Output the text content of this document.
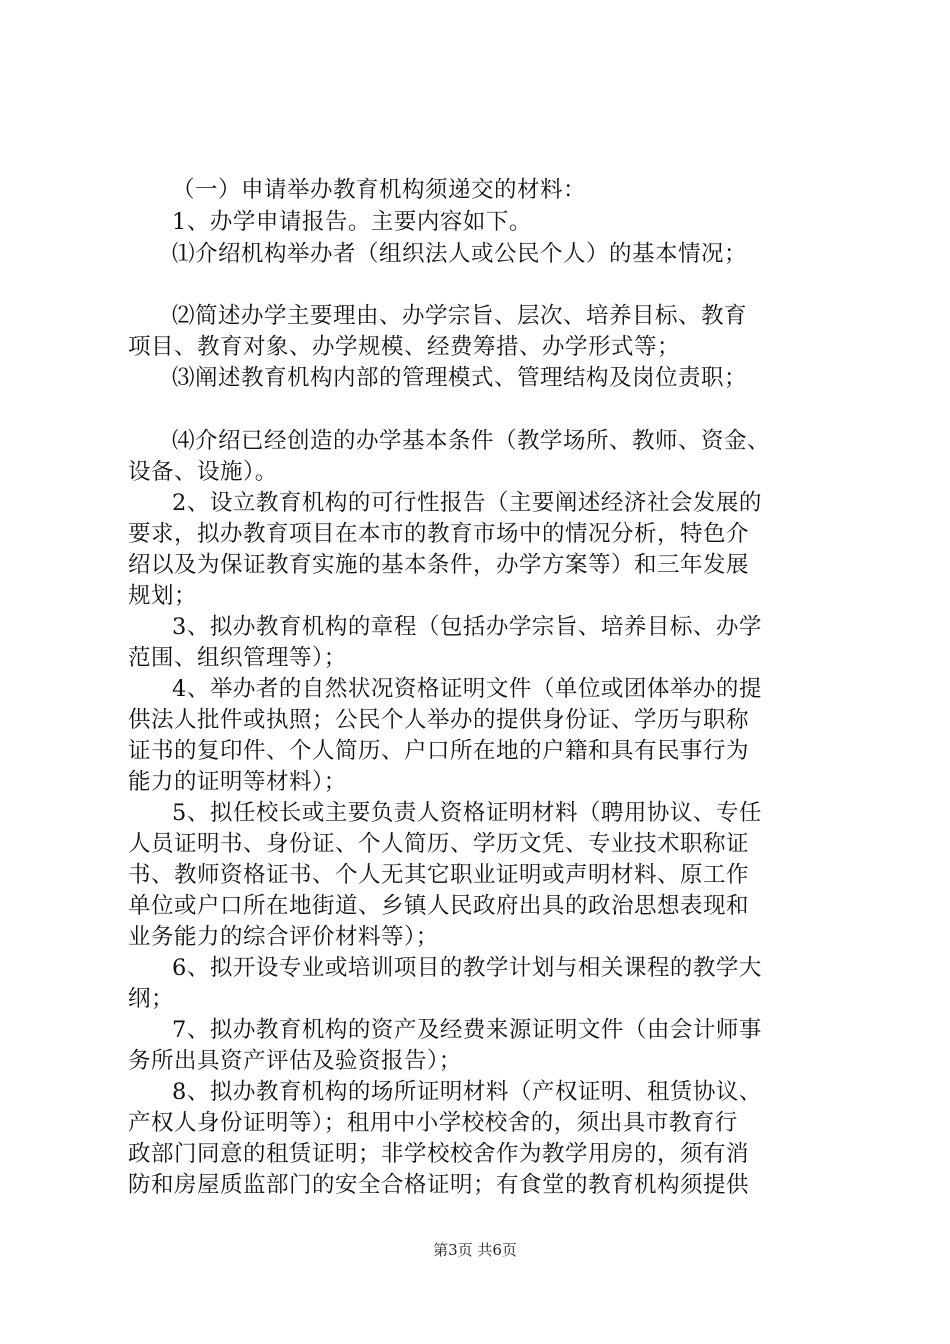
（一）申请举办教育机构须递交的材料：
1、办学申请报告。主要内容如下。
⑴介绍机构举办者（组织法人或公民个人）的基本情况；
⑵简述办学主要理由、办学宗旨、层次、培养目标、教育
项目、教育对象、办学规模、经费筹措、办学形式等；
⑶阐述教育机构内部的管理模式、管理结构及岗位责职；
⑷介绍已经创造的办学基本条件（教学场所、教师、资金、
设备、设施）。
2、设立教育机构的可行性报告（主要阐述经济社会发展的
要求，拟办教育项目在本市的教育市场中的情况分析，特色介
绍以及为保证教育实施的基本条件，办学方案等）和三年发展
规划；
3、拟办教育机构的章程（包括办学宗旨、培养目标、办学
范围、组织管理等）；
4、举办者的自然状况资格证明文件（单位或团体举办的提
供法人批件或执照；公民个人举办的提供身份证、学历与职称
证书的复印件、个人简历、户口所在地的户籍和具有民事行为
能力的证明等材料）；
5、拟任校长或主要负责人资格证明材料（聘用协议、专任
人员证明书、身份证、个人简历、学历文凭、专业技术职称证
书、教师资格证书、个人无其它职业证明或声明材料、原工作
单位或户口所在地街道、乡镇人民政府出具的政治思想表现和
业务能力的综合评价材料等）；
6、拟开设专业或培训项目的教学计划与相关课程的教学大
纲；
7、拟办教育机构的资产及经费来源证明文件（由会计师事
务所出具资产评估及验资报告）；
8、拟办教育机构的场所证明材料（产权证明、租赁协议、
产权人身份证明等）；租用中小学校校舍的，须出具市教育行
政部门同意的租赁证明；非学校校舍作为教学用房的，须有消
防和房屋质监部门的安全合格证明；有食堂的教育机构须提供
第3页 共6页
